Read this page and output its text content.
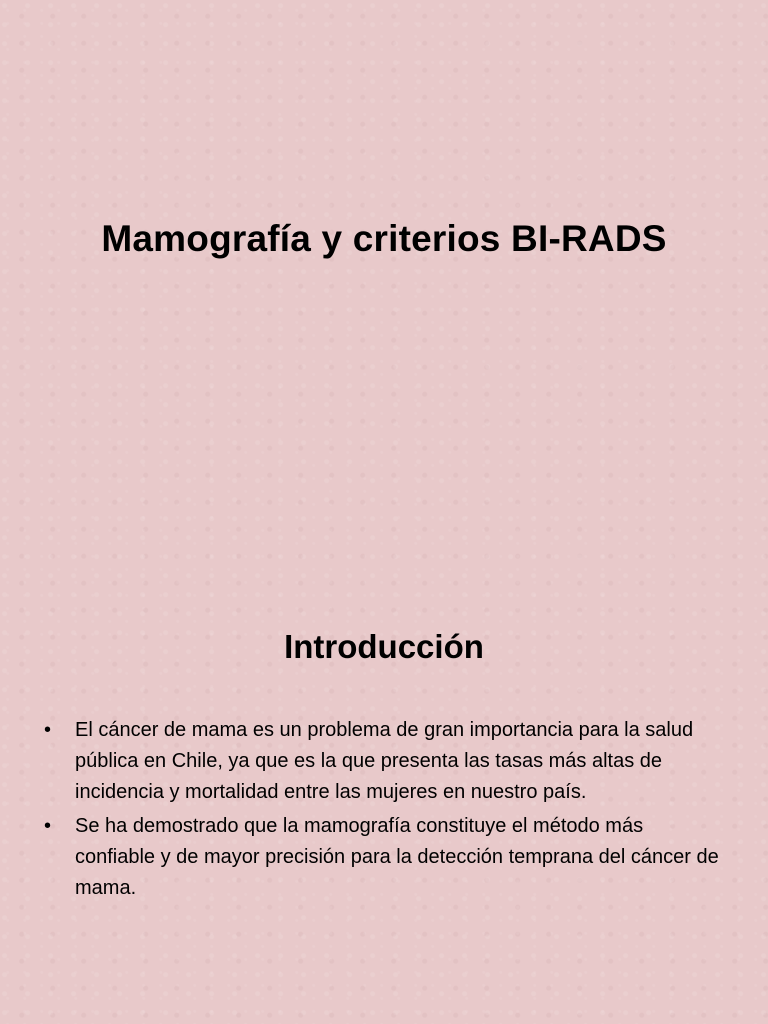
Mamografía y criterios BI-RADS
Introducción
• El cáncer de mama es un problema de gran importancia para la salud pública en Chile, ya que es la que presenta las tasas más altas de incidencia y mortalidad entre las mujeres en nuestro país.
• Se ha demostrado que la mamografía constituye el método más confiable y de mayor precisión para la detección temprana del cáncer de mama.
